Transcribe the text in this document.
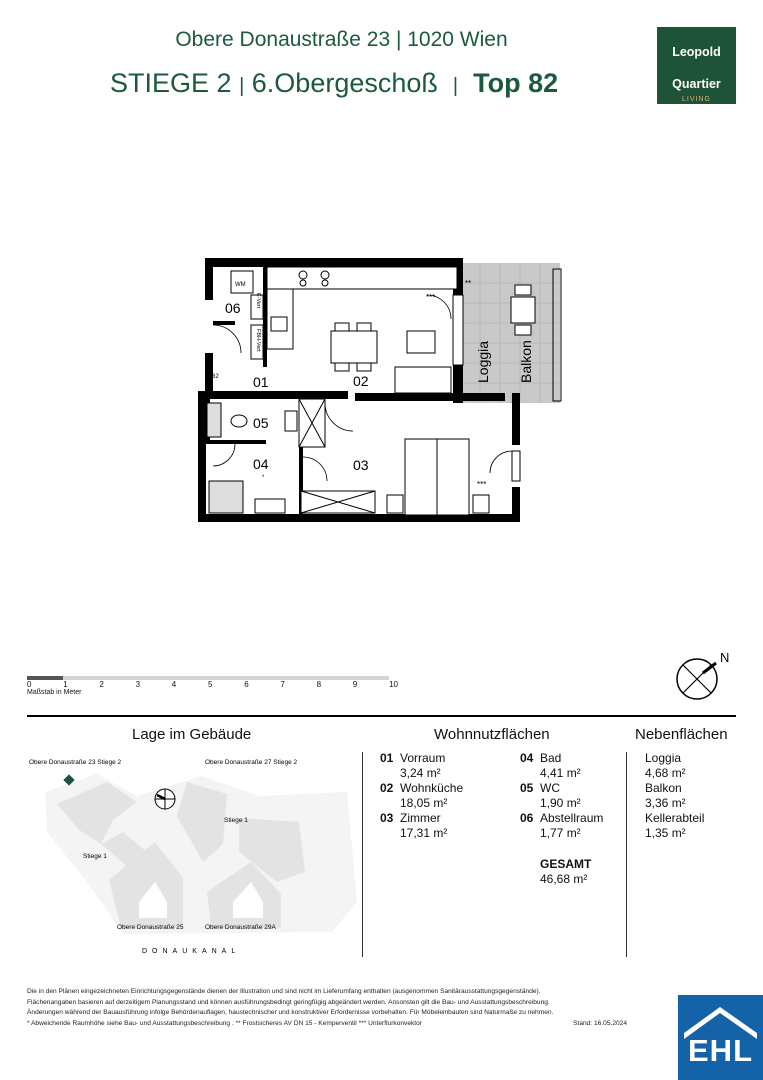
Obere Donaustraße 23 | 1020 Wien
STIEGE 2 | 6.Obergeschoß | Top 82
Leopold
Quartier
LIVING
06
01
*
02
05
04
*
03
WM
E-Vert
FBH-Vert
2/82
**
***
***
Loggia Balkon
N
0	1	2	3	4	5	6	7	8	9	10
Maßstab in Meter
Lage im Gebäude
Obere Donaustraße 23 Stiege 2	Obere Donaustraße 27 Stiege 2
Stiege 1
Stiege 1
Obere Donaustraße 25	Obere Donaustraße 29A
DONAUKANAL
Wohnnutzflächen
01 Vorraum
3,24 m²
02 Wohnküche
18,05 m²
03 Zimmer
17,31 m²
04 Bad
4,41 m²
05 WC
1,90 m²
06 Abstellraum
1,77 m²
GESAMT
46,68 m²
Nebenflächen
Loggia
4,68 m²
Balkon
3,36 m²
Kellerabteil
1,35 m²
Die in den Plänen eingezeichneten Einrichtungsgegenstände dienen der Illustration und sind nicht im Lieferumfang enthalten (ausgenommen Sanitärausstattungsgegenstände).
Flächenangaben basieren auf derzeitigem Planungsstand und können ausführungsbedingt geringfügig abgeändert werden. Ansonsten gilt die Bau- und Ausstattungsbeschreibung.
Änderungen während der Bauausführung infolge Behördenauflagen, haustechnischer und konstruktiver Erfordernisse vorbehalten. Für Möbeleinbauten sind Naturmaße zu nehmen.
* Abweichende Raumhöhe siehe Bau- und Ausstattungsbeschreibung . ** Frostsicheres AV DN 15 - Kemperventil *** Unterflurkonvektor	Stand: 16.05.2024
EHL
